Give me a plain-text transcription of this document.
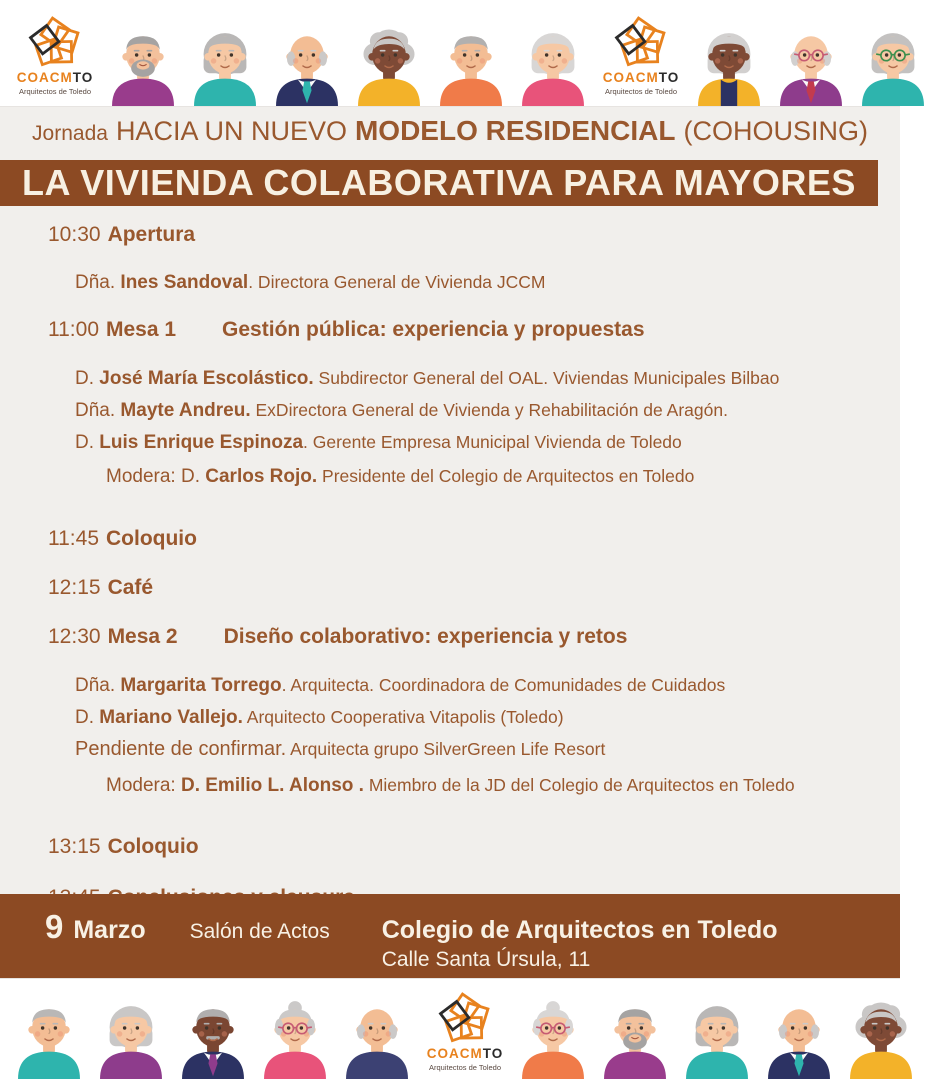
COACMTO
Arquitectos de Toledo
COACMTO
Arquitectos de Toledo
Jornada HACIA UN NUEVO MODELO RESIDENCIAL (COHOUSING)
LA VIVIENDA COLABORATIVA PARA MAYORES
10:30 Apertura
Dña. Ines Sandoval. Directora General de Vivienda JCCM
11:00 Mesa 1 Gestión pública: experiencia y propuestas
D. José María Escolástico. Subdirector General del OAL. Viviendas Municipales Bilbao
Dña. Mayte Andreu. ExDirectora General de Vivienda y Rehabilitación de Aragón.
D. Luis Enrique Espinoza. Gerente Empresa Municipal Vivienda de Toledo
Modera: D. Carlos Rojo. Presidente del Colegio de Arquitectos en Toledo
11:45 Coloquio
12:15 Café
12:30 Mesa 2 Diseño colaborativo: experiencia y retos
Dña. Margarita Torrego. Arquitecta. Coordinadora de Comunidades de Cuidados
D. Mariano Vallejo. Arquitecto Cooperativa Vitapolis (Toledo)
Pendiente de confirmar. Arquitecta grupo SilverGreen Life Resort
Modera: D. Emilio L. Alonso . Miembro de la JD del Colegio de Arquitectos en Toledo
13:15 Coloquio
9 Marzo Salón de Actos Colegio de Arquitectos en Toledo
Calle Santa Úrsula, 11
COACMTO
Arquitectos de Toledo
